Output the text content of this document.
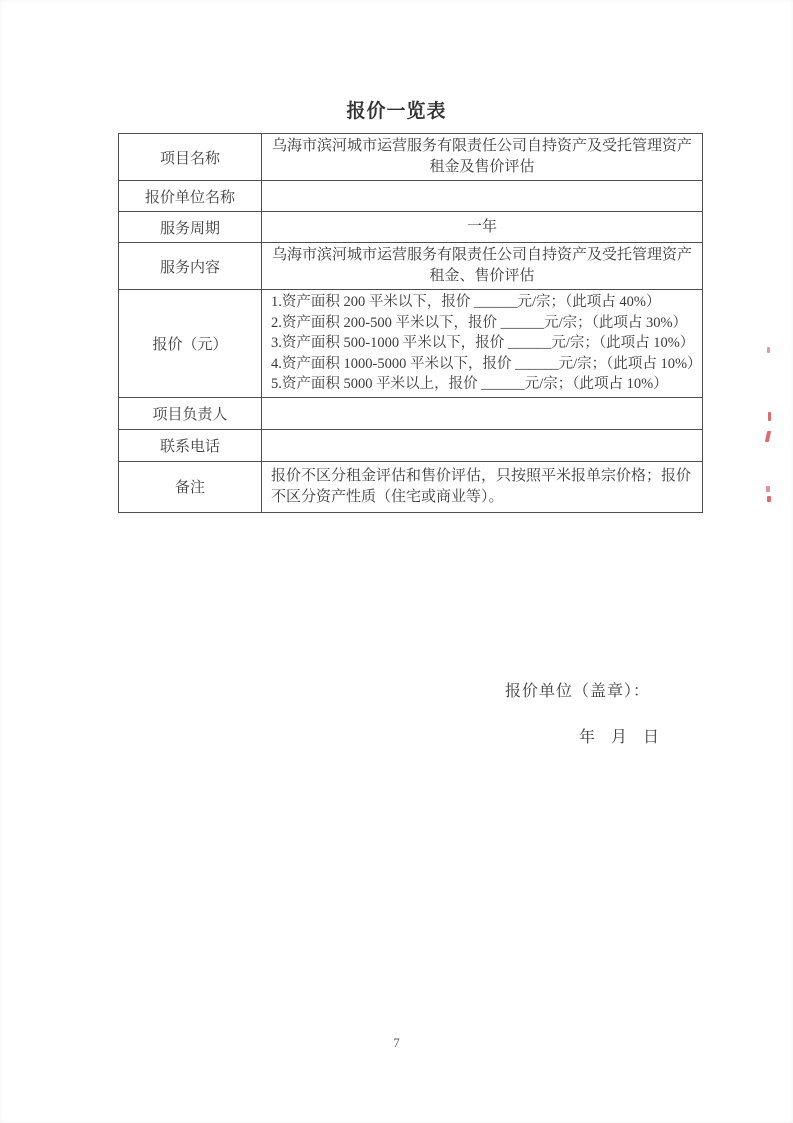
报价一览表
项目名称	乌海市滨河城市运营服务有限责任公司自持资产及受托管理资产租金及售价评估
报价单位名称	
服务周期	一年
服务内容	乌海市滨河城市运营服务有限责任公司自持资产及受托管理资产租金、售价评估
报价（元）	1.资产面积 200 平米以下，报价 ______元/宗；（此项占 40%）
2.资产面积 200-500 平米以下，报价 ______元/宗；（此项占 30%）
3.资产面积 500-1000 平米以下，报价 ______元/宗；（此项占 10%）
4.资产面积 1000-5000 平米以下，报价 ______元/宗；（此项占 10%）
5.资产面积 5000 平米以上，报价 ______元/宗；（此项占 10%）

项目负责人	
联系电话	
备注	报价不区分租金评估和售价评估，只按照平米报单宗价格；报价不区分资产性质（住宅或商业等）。
报价单位（盖章）：
年　月　日
7
